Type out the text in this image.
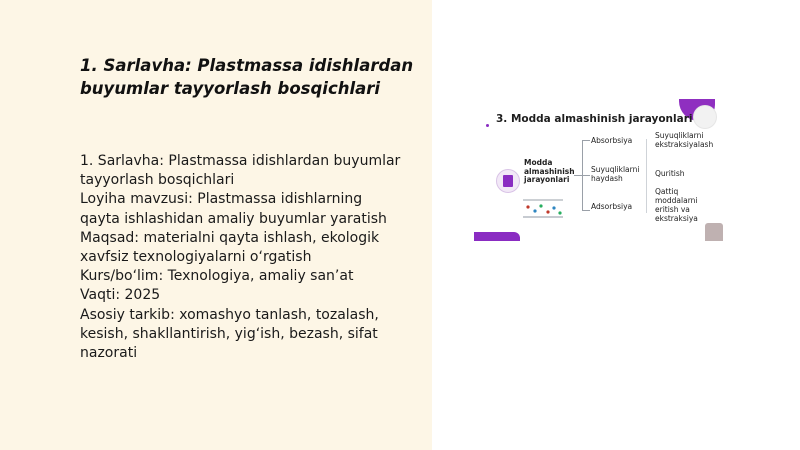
1. Sarlavha: Plastmassa idishlardan buyumlar tayyorlash bosqichlari
1. Sarlavha: Plastmassa idishlardan buyumlar
tayyorlash bosqichlari
Loyiha mavzusi: Plastmassa idishlarning
qayta ishlashidan amaliy buyumlar yaratish
Maqsad: materialni qayta ishlash, ekologik
xavfsiz texnologiyalarni o‘rgatish
Kurs/bo‘lim: Texnologiya, amaliy san’at
Vaqti: 2025
Asosiy tarkib: xomashyo tanlash, tozalash,
kesish, shakllantirish, yig‘ish, bezash, sifat
nazorati
3. Modda almashinish jarayonlari
Modda
almashinish
jarayonlari
Absorbsiya
Suyuqliklarni
haydash
Adsorbsiya
Suyuqliklarni
ekstraksiyalash
Quritish
Qattiq
moddalarni
eritish va
ekstraksiya
